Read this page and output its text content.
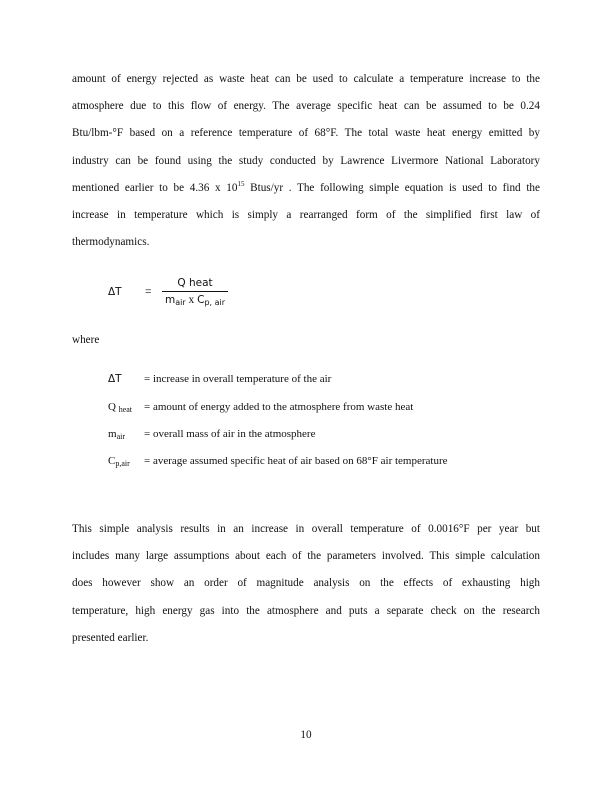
amount of energy rejected as waste heat can be used to calculate a temperature increase to the
atmosphere due to this flow of energy. The average specific heat can be assumed to be 0.24
Btu/lbm-°F based on a reference temperature of 68°F. The total waste heat energy emitted by
industry can be found using the study conducted by Lawrence Livermore National Laboratory
mentioned earlier to be 4.36 x $10^{15}$ Btus/yr . The following simple equation is used to find the
increase in temperature which is simply a rearranged form of the simplified first law of
thermodynamics.
ΔT =
Q heat
$m_{air}$ x $C_{p, air}$
where
ΔT	= increase in overall temperature of the air
Q $_{heat}$	= amount of energy added to the atmosphere from waste heat
$m_{air}$	= overall mass of air in the atmosphere
$C_{p,air}$	= average assumed specific heat of air based on 68°F air temperature
This simple analysis results in an increase in overall temperature of 0.0016°F per year but
includes many large assumptions about each of the parameters involved. This simple calculation
does however show an order of magnitude analysis on the effects of exhausting high
temperature, high energy gas into the atmosphere and puts a separate check on the research
presented earlier.
10
